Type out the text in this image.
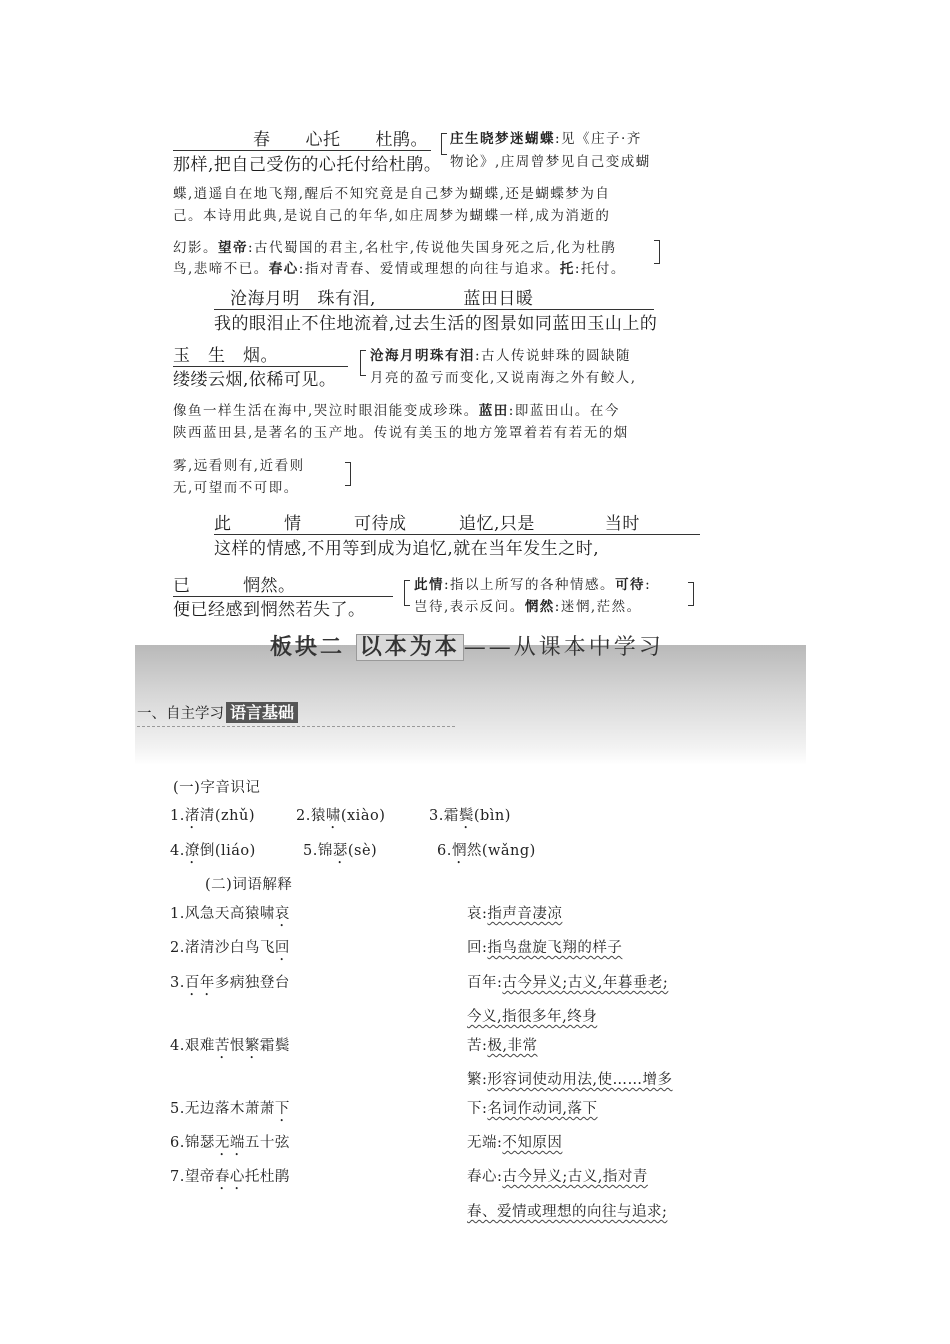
春　　心托　　杜鹃。
那样,把自己受伤的心托付给杜鹃。
庄生晓梦迷蝴蝶:见《庄子·齐
物论》,庄周曾梦见自己变成蝴
蝶,逍遥自在地飞翔,醒后不知究竟是自己梦为蝴蝶,还是蝴蝶梦为自
己。本诗用此典,是说自己的年华,如庄周梦为蝴蝶一样,成为消逝的
幻影。望帝:古代蜀国的君主,名杜宇,传说他失国身死之后,化为杜鹃
鸟,悲啼不已。春心:指对青春、爱情或理想的向往与追求。托:托付。
沧海月明　珠有泪,　　　　　蓝田日暖
我的眼泪止不住地流着,过去生活的图景如同蓝田玉山上的
玉　生　烟。
缕缕云烟,依稀可见。
沧海月明珠有泪:古人传说蚌珠的圆缺随
月亮的盈亏而变化,又说南海之外有鲛人,
像鱼一样生活在海中,哭泣时眼泪能变成珍珠。蓝田:即蓝田山。在今
陕西蓝田县,是著名的玉产地。传说有美玉的地方笼罩着若有若无的烟
雾,远看则有,近看则
无,可望而不可即。
此　　　情　　　可待成　　　追忆,只是　　　　当时
这样的情感,不用等到成为追忆,就在当年发生之时,
已　　　惘然。
便已经感到惘然若失了。
此情:指以上所写的各种情感。可待:
岂待,表示反问。惘然:迷惘,茫然。
板块二 以本为本 ——从课本中学习
一、自主学习 语言基础
(一)字音识记
1.渚清(zhǔ)	2.猿啸(xiào)	3.霜鬓(bìn)
4.潦倒(liáo)	5.锦瑟(sè)	6.惘然(wǎng)
(二)词语解释
1.风急天高猿啸哀	哀:指声音凄凉
2.渚清沙白鸟飞回	回:指鸟盘旋飞翔的样子
3.百年多病独登台	百年:古今异义;古义,年暮垂老;
今义,指很多年,终身
4.艰难苦恨繁霜鬓	苦:极,非常
繁:形容词使动用法,使……增多
5.无边落木萧萧下	下:名词作动词,落下
6.锦瑟无端五十弦	无端:不知原因
7.望帝春心托杜鹃	春心:古今异义;古义,指对青
春、爱情或理想的向往与追求;
